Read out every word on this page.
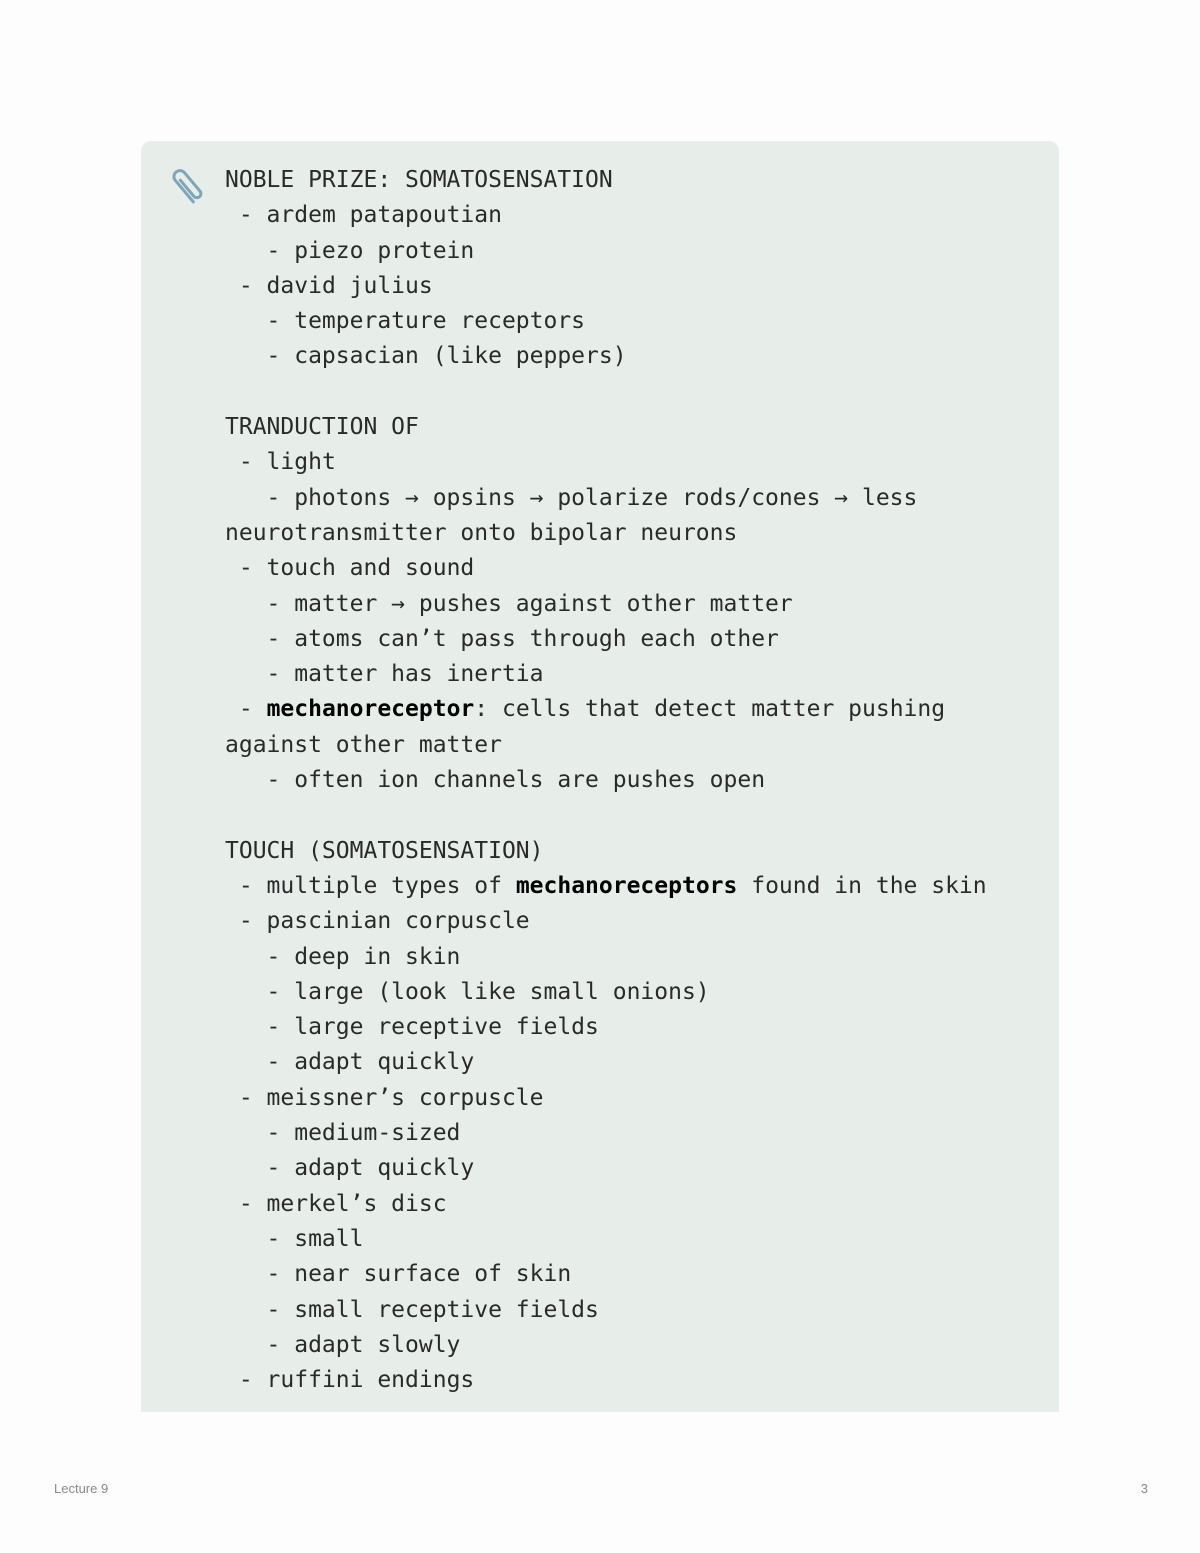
NOBLE PRIZE: SOMATOSENSATION
- ardem patapoutian
- piezo protein
- david julius
- temperature receptors
- capsacian (like peppers)
TRANDUCTION OF
- light
- photons → opsins → polarize rods/cones → less
neurotransmitter onto bipolar neurons
- touch and sound
- matter → pushes against other matter
- atoms can’t pass through each other
- matter has inertia
- mechanoreceptor: cells that detect matter pushing
against other matter
- often ion channels are pushes open
TOUCH (SOMATOSENSATION)
- multiple types of mechanoreceptors found in the skin
- pascinian corpuscle
- deep in skin
- large (look like small onions)
- large receptive fields
- adapt quickly
- meissner’s corpuscle
- medium-sized
- adapt quickly
- merkel’s disc
- small
- near surface of skin
- small receptive fields
- adapt slowly
- ruffini endings
Lecture 9	3
